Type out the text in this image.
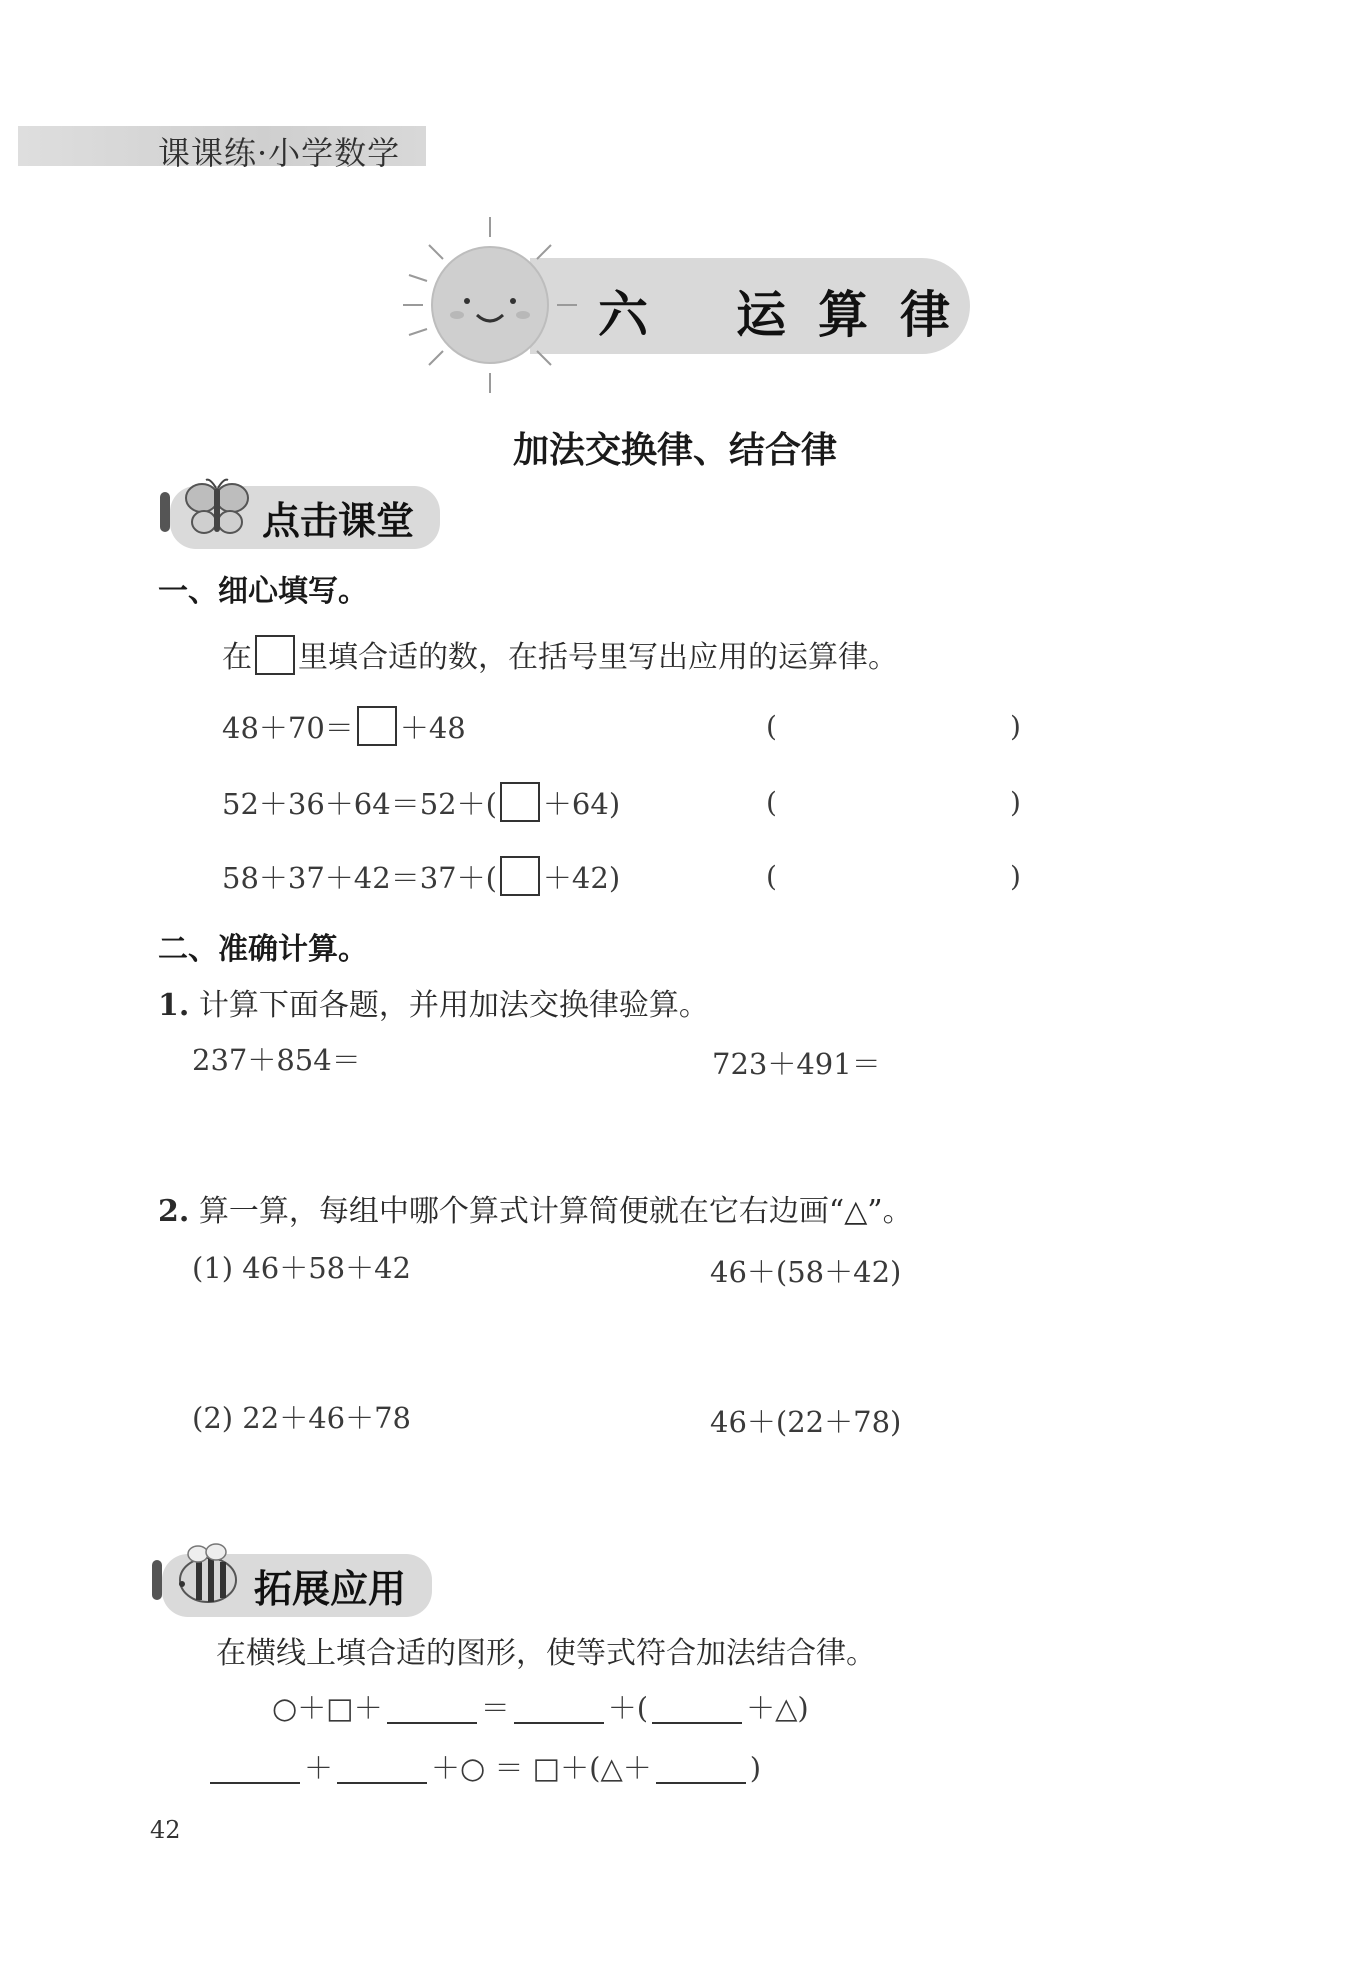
课课练·小学数学
六 运 算 律
加法交换律、结合律
点击课堂
一、细心填写。
在 里填合适的数，在括号里写出应用的运算律。
48＋70＝ ＋48	(	)
52＋36＋64＝52＋( ＋64)	(	)
58＋37＋42＝37＋( ＋42)	(	)
二、准确计算。
1. 计算下面各题，并用加法交换律验算。
237＋854＝	723＋491＝
2. 算一算，每组中哪个算式计算简便就在它右边画“△”。
(1) 46＋58＋42	46＋(58＋42)
(2) 22＋46＋78	46＋(22＋78)
拓展应用
在横线上填合适的图形，使等式符合加法结合律。
○＋□＋	＝	＋(	＋△)
＋	＋○ ＝ □＋(△＋	)
42
